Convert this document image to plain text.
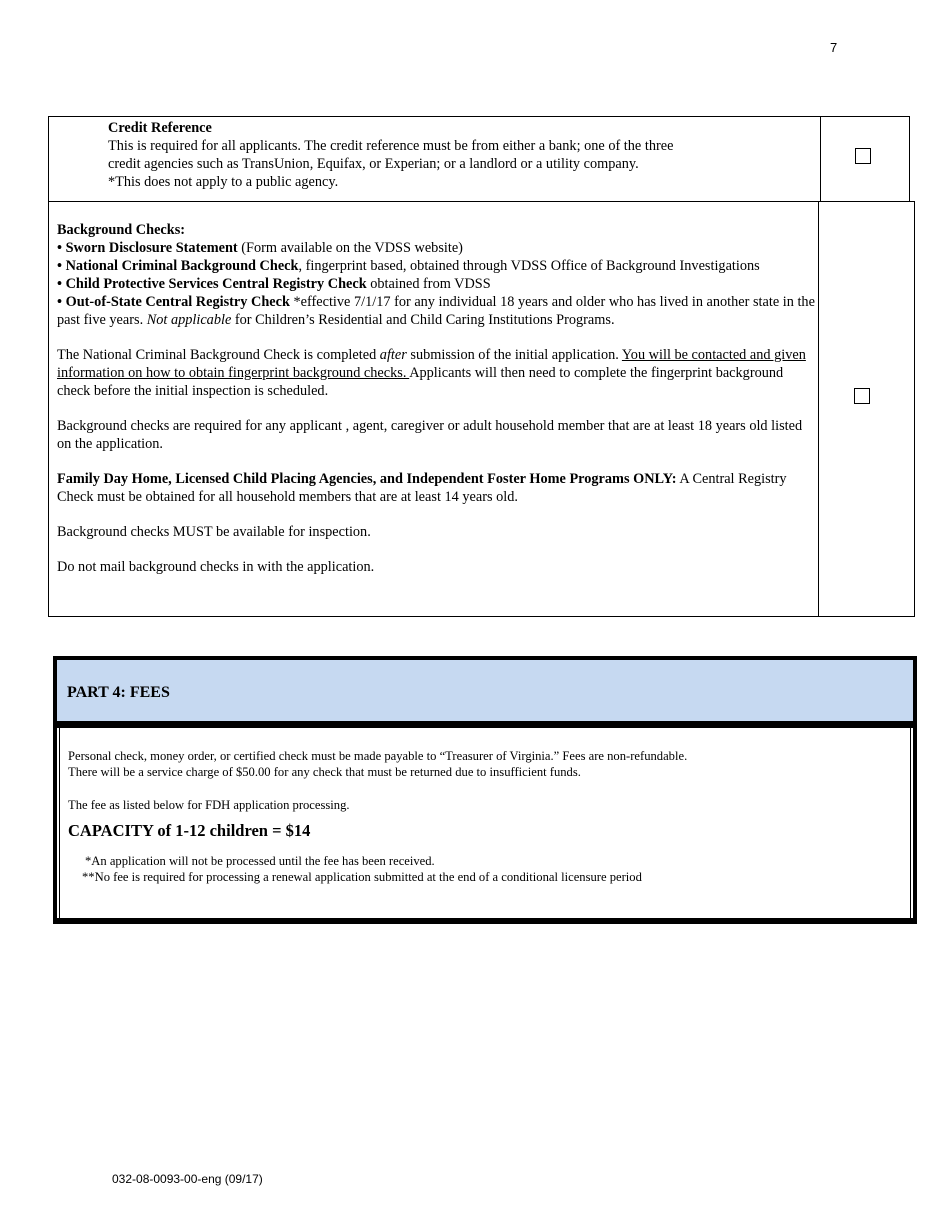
7

Credit Reference

This is required for all applicants. The credit reference must be from either a bank; one of the three

credit agencies such as TransUnion, Equifax, or Experian; or a landlord or a utility company.

*This does not apply to a public agency.

Background Checks:

• Sworn Disclosure Statement (Form available on the VDSS website)

• National Criminal Background Check, fingerprint based, obtained through VDSS Office of Background Investigations

• Child Protective Services Central Registry Check obtained from VDSS

• Out-of-State Central Registry Check *effective 7/1/17 for any individual 18 years and older who has lived in another state in the past five years. Not applicable for Children’s Residential and Child Caring Institutions Programs.

The National Criminal Background Check is completed after submission of the initial application. You will be contacted and given information on how to obtain fingerprint background checks. Applicants will then need to complete the fingerprint background check before the initial inspection is scheduled.

Background checks are required for any applicant , agent, caregiver or adult household member that are at least 18 years old listed on the application.

Family Day Home, Licensed Child Placing Agencies, and Independent Foster Home Programs ONLY: A Central Registry Check must be obtained for all household members that are at least 14 years old.

Background checks MUST be available for inspection.

Do not mail background checks in with the application.

PART 4: FEES

Personal check, money order, or certified check must be made payable to “Treasurer of Virginia.” Fees are non-refundable.

There will be a service charge of $50.00 for any check that must be returned due to insufficient funds.

The fee as listed below for FDH application processing.

CAPACITY of 1-12 children = $14

*An application will not be processed until the fee has been received.

**No fee is required for processing a renewal application submitted at the end of a conditional licensure period

032-08-0093-00-eng (09/17)
